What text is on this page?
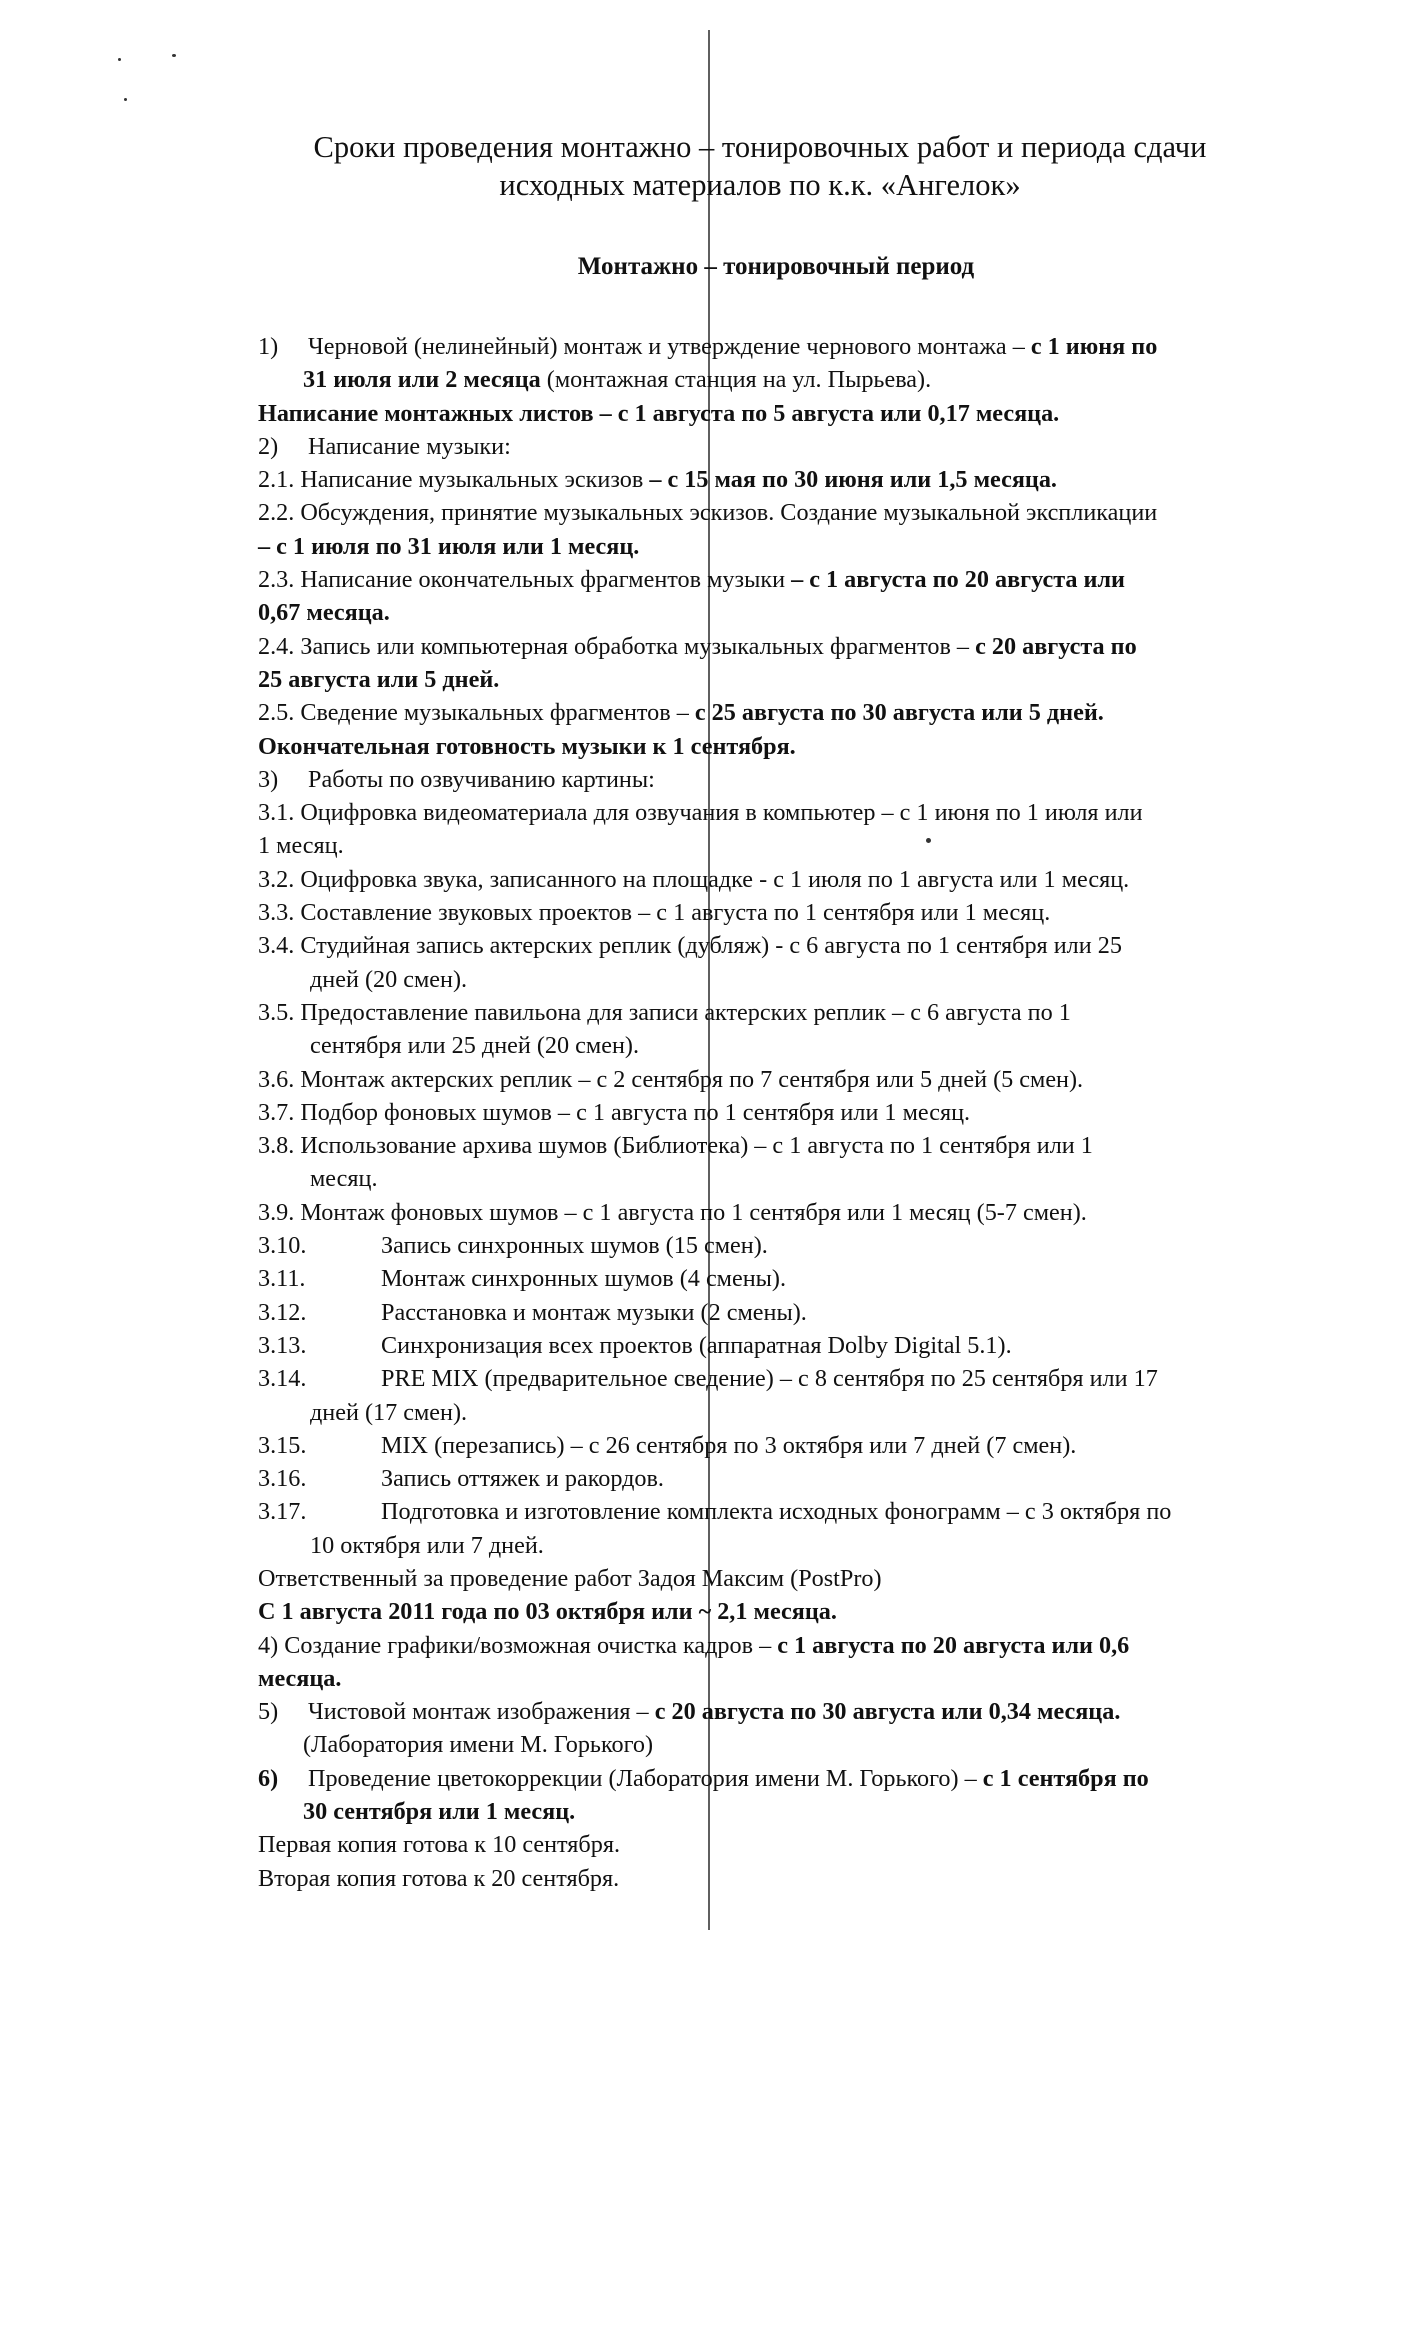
Сроки проведения монтажно – тонировочных работ и периода сдачи
исходных материалов по к.к. «Ангелок»
Монтажно – тонировочный период
1) Черновой (нелинейный) монтаж и утверждение чернового монтажа – с 1 июня по
31 июля или 2 месяца (монтажная станция на ул. Пырьева).
Написание монтажных листов – с 1 августа по 5 августа или 0,17 месяца.
2) Написание музыки:
2.1. Написание музыкальных эскизов – с 15 мая по 30 июня или 1,5 месяца.
2.2. Обсуждения, принятие музыкальных эскизов. Создание музыкальной экспликации
– с 1 июля по 31 июля или 1 месяц.
2.3. Написание окончательных фрагментов музыки – с 1 августа по 20 августа или
0,67 месяца.
2.4. Запись или компьютерная обработка музыкальных фрагментов – с 20 августа по
25 августа или 5 дней.
2.5. Сведение музыкальных фрагментов – с 25 августа по 30 августа или 5 дней.
Окончательная готовность музыки к 1 сентября.
3) Работы по озвучиванию картины:
3.1. Оцифровка видеоматериала для озвучания в компьютер – с 1 июня по 1 июля или
1 месяц.
3.2. Оцифровка звука, записанного на площадке - с 1 июля по 1 августа или 1 месяц.
3.3. Составление звуковых проектов – с 1 августа по 1 сентября или 1 месяц.
3.4. Студийная запись актерских реплик (дубляж) - с 6 августа по 1 сентября или 25
дней (20 смен).
3.5. Предоставление павильона для записи актерских реплик – с 6 августа по 1
сентября или 25 дней (20 смен).
3.6. Монтаж актерских реплик – с 2 сентября по 7 сентября или 5 дней (5 смен).
3.7. Подбор фоновых шумов – с 1 августа по 1 сентября или 1 месяц.
3.8. Использование архива шумов (Библиотека) – с 1 августа по 1 сентября или 1
месяц.
3.9. Монтаж фоновых шумов – с 1 августа по 1 сентября или 1 месяц (5-7 смен).
3.10.	Запись синхронных шумов (15 смен).
3.11.	Монтаж синхронных шумов (4 смены).
3.12.	Расстановка и монтаж музыки (2 смены).
3.13.	Синхронизация всех проектов (аппаратная Dolby Digital 5.1).
3.14.	PRE MIX (предварительное сведение) – с 8 сентября по 25 сентября или 17
дней (17 смен).
3.15.	MIX (перезапись) – с 26 сентября по 3 октября или 7 дней (7 смен).
3.16.	Запись оттяжек и ракордов.
3.17.	Подготовка и изготовление комплекта исходных фонограмм – с 3 октября по
10 октября или 7 дней.
Ответственный за проведение работ Задоя Максим (PostPro)
С 1 августа 2011 года по 03 октября или ~ 2,1 месяца.
4) Создание графики/возможная очистка кадров – с 1 августа по 20 августа или 0,6
месяца.
5) Чистовой монтаж изображения – с 20 августа по 30 августа или 0,34 месяца.
(Лаборатория имени М. Горького)
6) Проведение цветокоррекции (Лаборатория имени М. Горького) – с 1 сентября по
30 сентября или 1 месяц.
Первая копия готова к 10 сентября.
Вторая копия готова к 20 сентября.
